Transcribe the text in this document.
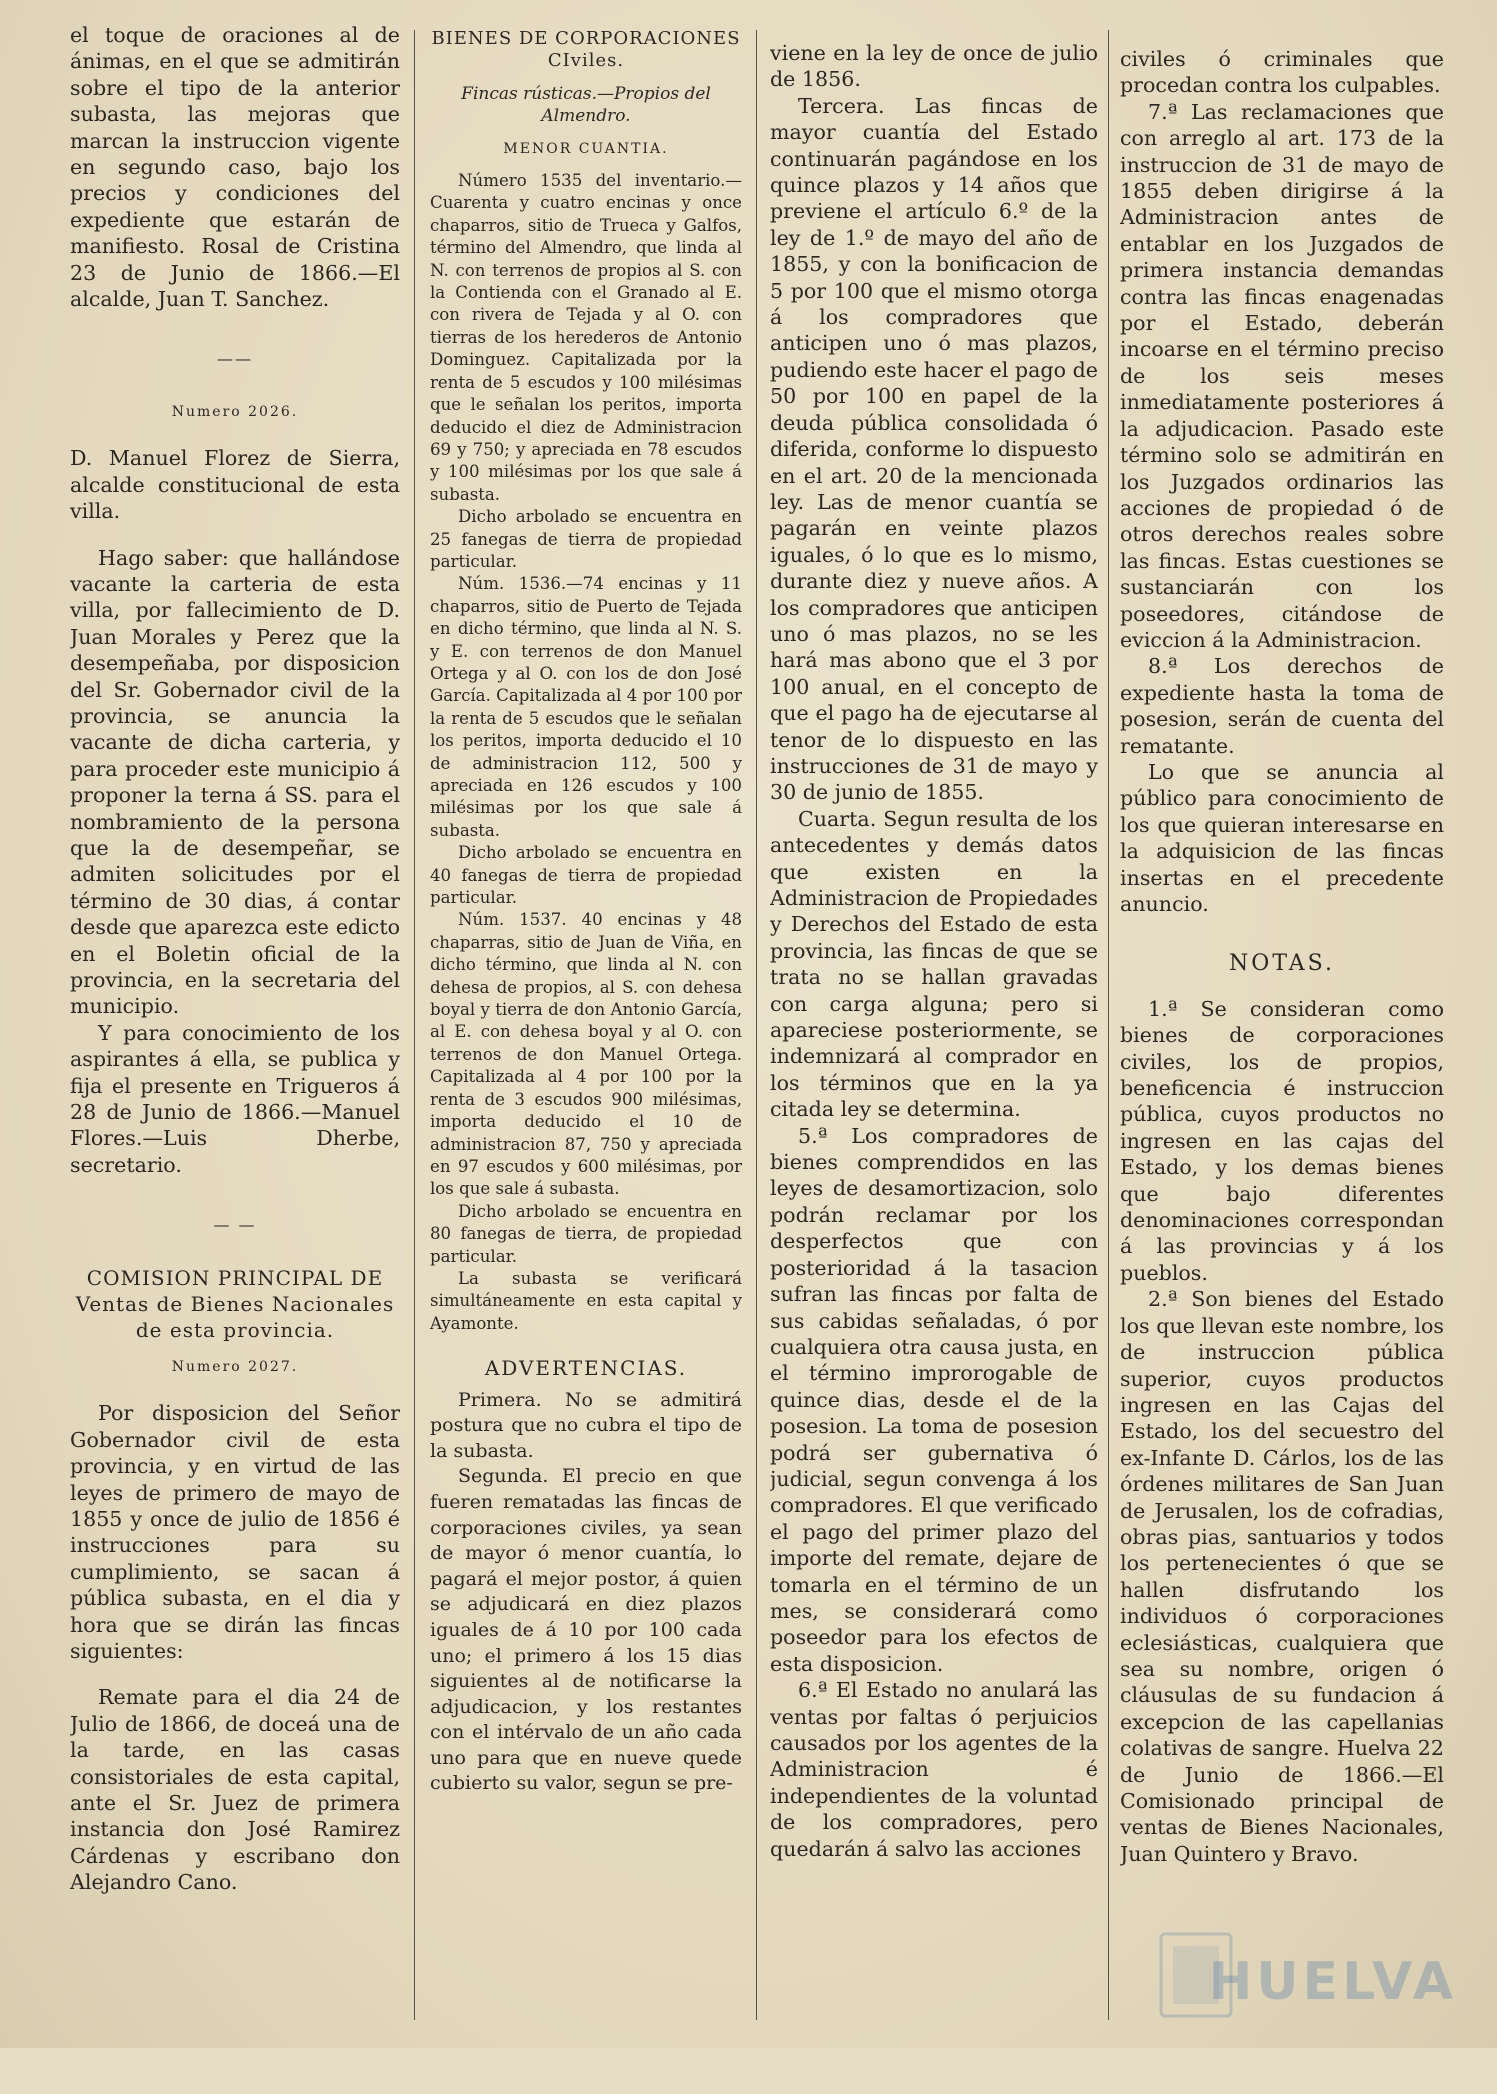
el toque de oraciones al de ánimas, en el que se admitirán sobre el tipo de la anterior subasta, las mejoras que marcan la instruccion vigente en segundo caso, bajo los precios y condiciones del expediente que estarán de manifiesto. Rosal de Cristina 23 de Junio de 1866.—El alcalde, Juan T. Sanchez.

——
Numero 2026.

D. Manuel Florez de Sierra, alcalde constitucional de esta villa.

Hago saber: que hallándose vacante la carteria de esta villa, por fallecimiento de D. Juan Morales y Perez que la desempeñaba, por disposicion del Sr. Gobernador civil de la provincia, se anuncia la vacante de dicha carteria, y para proceder este municipio á proponer la terna á SS. para el nombramiento de la persona que la de desempeñar, se admiten solicitudes por el término de 30 dias, á contar desde que aparezca este edicto en el Boletin oficial de la provincia, en la secretaria del municipio.

Y para conocimiento de los aspirantes á ella, se publica y fija el presente en Trigueros á 28 de Junio de 1866.—Manuel Flores.—Luis Dherbe, secretario.

— —
COMISION PRINCIPAL DE Ventas de Bienes Nacionales de esta provincia.
Numero 2027.

Por disposicion del Señor Gobernador civil de esta provincia, y en virtud de las leyes de primero de mayo de 1855 y once de julio de 1856 é instrucciones para su cumplimiento, se sacan á pública subasta, en el dia y hora que se dirán las fincas siguientes:

Remate para el dia 24 de Julio de 1866, de doceá una de la tarde, en las casas consistoriales de esta capital, ante el Sr. Juez de primera instancia don José Ramirez Cárdenas y escribano don Alejandro Cano.

BIENES DE CORPORACIONES CIviles.
Fincas rústicas.—Propios del Almendro.
MENOR CUANTIA.

Número 1535 del inventario.—Cuarenta y cuatro encinas y once chaparros, sitio de Trueca y Galfos, término del Almendro, que linda al N. con terrenos de propios al S. con la Contienda con el Granado al E. con rivera de Tejada y al O. con tierras de los herederos de Antonio Dominguez. Capitalizada por la renta de 5 escudos y 100 milésimas que le señalan los peritos, importa deducido el diez de Administracion 69 y 750; y apreciada en 78 escudos y 100 milésimas por los que sale á subasta.

Dicho arbolado se encuentra en 25 fanegas de tierra de propiedad particular.

Núm. 1536.—74 encinas y 11 chaparros, sitio de Puerto de Tejada en dicho término, que linda al N. S. y E. con terrenos de don Manuel Ortega y al O. con los de don José García. Capitalizada al 4 por 100 por la renta de 5 escudos que le señalan los peritos, importa deducido el 10 de administracion 112, 500 y apreciada en 126 escudos y 100 milésimas por los que sale á subasta.

Dicho arbolado se encuentra en 40 fanegas de tierra de propiedad particular.

Núm. 1537. 40 encinas y 48 chaparras, sitio de Juan de Viña, en dicho término, que linda al N. con dehesa de propios, al S. con dehesa boyal y tierra de don Antonio García, al E. con dehesa boyal y al O. con terrenos de don Manuel Ortega. Capitalizada al 4 por 100 por la renta de 3 escudos 900 milésimas, importa deducido el 10 de administracion 87, 750 y apreciada en 97 escudos y 600 milésimas, por los que sale á subasta.

Dicho arbolado se encuentra en 80 fanegas de tierra, de propiedad particular.

La subasta se verificará simultáneamente en esta capital y Ayamonte.

ADVERTENCIAS.

Primera. No se admitirá postura que no cubra el tipo de la subasta.

Segunda. El precio en que fueren rematadas las fincas de corporaciones civiles, ya sean de mayor ó menor cuantía, lo pagará el mejor postor, á quien se adjudicará en diez plazos iguales de á 10 por 100 cada uno; el primero á los 15 dias siguientes al de notificarse la adjudicacion, y los restantes con el intérvalo de un año cada uno para que en nueve quede cubierto su valor, segun se pre-

viene en la ley de once de julio de 1856.

Tercera. Las fincas de mayor cuantía del Estado continuarán pagándose en los quince plazos y 14 años que previene el artículo 6.º de la ley de 1.º de mayo del año de 1855, y con la bonificacion de 5 por 100 que el mismo otorga á los compradores que anticipen uno ó mas plazos, pudiendo este hacer el pago de 50 por 100 en papel de la deuda pública consolidada ó diferida, conforme lo dispuesto en el art. 20 de la mencionada ley. Las de menor cuantía se pagarán en veinte plazos iguales, ó lo que es lo mismo, durante diez y nueve años. A los compradores que anticipen uno ó mas plazos, no se les hará mas abono que el 3 por 100 anual, en el concepto de que el pago ha de ejecutarse al tenor de lo dispuesto en las instrucciones de 31 de mayo y 30 de junio de 1855.

Cuarta. Segun resulta de los antecedentes y demás datos que existen en la Administracion de Propiedades y Derechos del Estado de esta provincia, las fincas de que se trata no se hallan gravadas con carga alguna; pero si apareciese posteriormente, se indemnizará al comprador en los términos que en la ya citada ley se determina.

5.ª Los compradores de bienes comprendidos en las leyes de desamortizacion, solo podrán reclamar por los desperfectos que con posterioridad á la tasacion sufran las fincas por falta de sus cabidas señaladas, ó por cualquiera otra causa justa, en el término improrogable de quince dias, desde el de la posesion. La toma de posesion podrá ser gubernativa ó judicial, segun convenga á los compradores. El que verificado el pago del primer plazo del importe del remate, dejare de tomarla en el término de un mes, se considerará como poseedor para los efectos de esta disposicion.

6.ª El Estado no anulará las ventas por faltas ó perjuicios causados por los agentes de la Administracion é independientes de la voluntad de los compradores, pero quedarán á salvo las acciones

civiles ó criminales que procedan contra los culpables.

7.ª Las reclamaciones que con arreglo al art. 173 de la instruccion de 31 de mayo de 1855 deben dirigirse á la Administracion antes de entablar en los Juzgados de primera instancia demandas contra las fincas enagenadas por el Estado, deberán incoarse en el término preciso de los seis meses inmediatamente posteriores á la adjudicacion. Pasado este término solo se admitirán en los Juzgados ordinarios las acciones de propiedad ó de otros derechos reales sobre las fincas. Estas cuestiones se sustanciarán con los poseedores, citándose de eviccion á la Administracion.

8.ª Los derechos de expediente hasta la toma de posesion, serán de cuenta del rematante.

Lo que se anuncia al público para conocimiento de los que quieran interesarse en la adquisicion de las fincas insertas en el precedente anuncio.

NOTAS.

1.ª Se consideran como bienes de corporaciones civiles, los de propios, beneficencia é instruccion pública, cuyos productos no ingresen en las cajas del Estado, y los demas bienes que bajo diferentes denominaciones correspondan á las provincias y á los pueblos.

2.ª Son bienes del Estado los que llevan este nombre, los de instruccion pública superior, cuyos productos ingresen en las Cajas del Estado, los del secuestro del ex-Infante D. Cárlos, los de las órdenes militares de San Juan de Jerusalen, los de cofradias, obras pias, santuarios y todos los pertenecientes ó que se hallen disfrutando los individuos ó corporaciones eclesiásticas, cualquiera que sea su nombre, origen ó cláusulas de su fundacion á excepcion de las capellanias colativas de sangre. Huelva 22 de Junio de 1866.—El Comisionado principal de ventas de Bienes Nacionales, Juan Quintero y Bravo.

HUELVA
